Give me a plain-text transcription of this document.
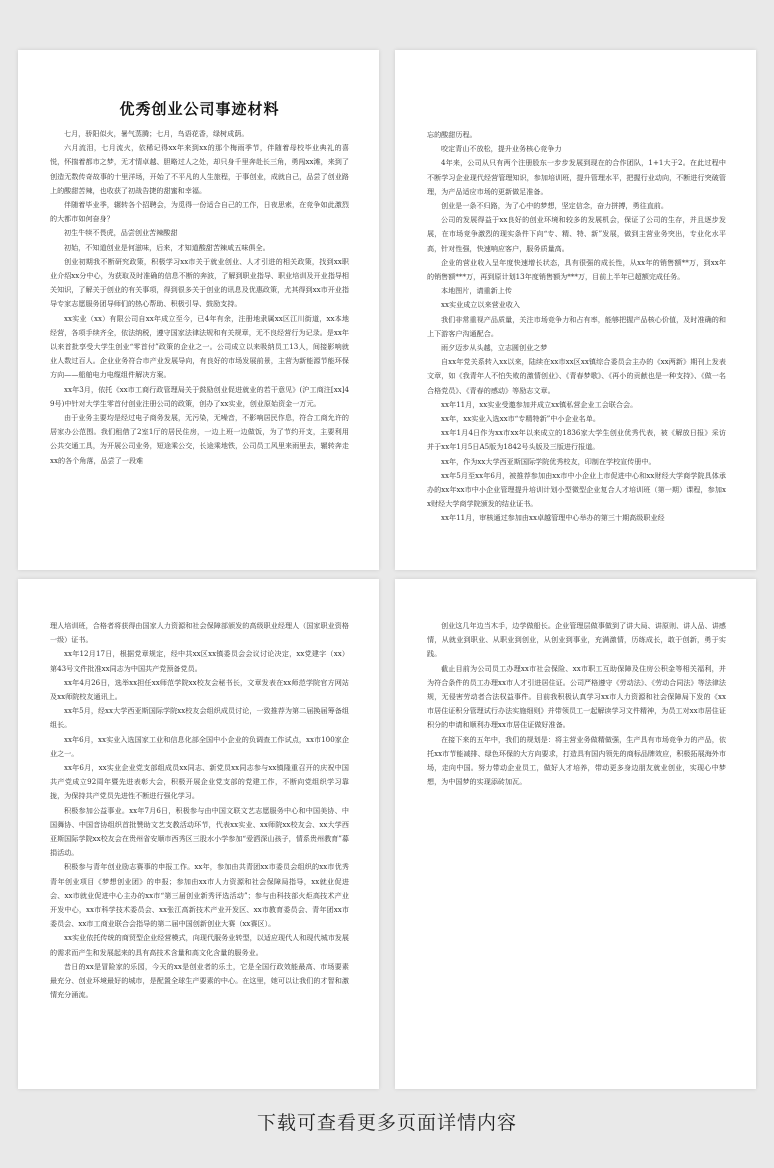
优秀创业公司事迹材料

七月，骄阳似火，暑气蒸腾；七月，鸟语花香，绿树成荫。

六月流泪，七月流火，依稀记得xx年来到xx的那个梅雨季节，伴随着母校毕业典礼的喜悦，怀揣着都市之梦，无才情卓越、胆略过人之处，却只身千里奔赴长三角，勇闯xx滩，来到了创造无数传奇故事的十里洋场，开始了不平凡的人生旅程，于事创业，成就自己，品尝了创业路上的酸甜苦辣，也收获了初战告捷的甜蜜和幸福。

伴随着毕业季，辗转各个招聘会，为觅得一份适合自己的工作，日夜思索，在竞争如此激烈的大都市如何奋身？

初生牛犊不畏虎，品尝创业苦辣酸甜

初始，不知道创业是何滋味，后来，才知道酸甜苦辣咸五味俱全。

创业初期我不断研究政策，积极学习xx市关于就业创业、人才引进的相关政策，找到xx职业介绍xx分中心，为获取及时准确的信息不断的奔波，了解到职业指导、职业培训及开业指导相关知识，了解关于创业的有关事项，得到很多关于创业的讯息及优惠政策，尤其得到xx市开业指导专家志愿服务团导师们的热心帮助、积极引导、鼓励支持。

xx实业（xx）有限公司自xx年成立至今，已4年有余，注册地隶属xx区江川街道，xx本地经营，各项手续齐全，依法纳税，遵守国家法律法规和有关规章，无不良经营行为记录。是xx年以来首批享受大学生创业“零首付”政策的企业之一。公司成立以来吸纳员工13人，间接影响就业人数过百人。企业业务符合市产业发展导向，有良好的市场发展前景，主营为新能源节能环保方向——船舶电力电缆组件解决方案。

xx年3月，依托《xx市工商行政管理局关于鼓励创业促进就业的若干意见》(沪工商注[xx]49号)中针对大学生零首付创业注册公司的政策，创办了xx实业，创业原始资金一万元。

由于业务主要均是经过电子商务发展，无污染，无噪音，不影响居民作息，符合工商允许的居家办公范围。我们租借了2室1厅的居民住房，一边上班一边做饭，为了节约开支，主要利用公共交通工具，为开展公司业务，短途乘公交，长途乘地铁，公司员工风里来雨里去，辗转奔走xx的各个角落，品尝了一段难

忘的酸甜历程。

咬定青山不放松，提升业务核心竞争力

4年来，公司从只有两个注册股东一步步发展到现在的合作团队，1+1大于2。在此过程中不断学习企业现代经营管理知识，参加培训班，提升管理水平，把握行业动向，不断进行突破管理，为产品适应市场的更新做足准备。

创业是一条不归路，为了心中的梦想，坚定信念，奋力拼搏，勇往直前。

公司的发展得益于xx良好的创业环境和较多的发展机会，保证了公司的生存，并且逐步发展，在市场竞争激烈的现实条件下向“专、精、特、新”发展，做到主营业务突出，专业化水平高，针对性强，快速响应客户，服务质量高。

企业的营业收入呈年度快速增长状态，具有很强的成长性，从xx年的销售额**万，到xx年的销售额***万，再到原计划13年度销售额为***万，目前上半年已超额完成任务。

本地图片，请重新上传

xx实业成立以来营业收入

我们非常重视产品质量，关注市场竞争力和占有率，能够把握产品核心价值，及时准确的和上下游客户沟通配合。

雨夕迈步从头越，立志圆创业之梦

自xx年党关系转入xx以来，陆续在xx市xx区xx镇综合委员会主办的《xx两新》期刊上发表文章，如《我青年人不怕失败的激情创业》、《青春梦歌》、《再小的贡献也是一种支持》、《做一名合格党员》、《青春的感动》等励志文章。

xx年11月，xx实业受邀参加并成立xx镇私营企业工会联合会。

xx年，xx实业入选xx市“专精特新”中小企业名单。

xx年1月4日作为xx市xx年以来成立的1836家大学生创业优秀代表，被《解放日报》采访并于xx年1月5日A5版为1842号头版及三版进行报道。

xx年，作为xx大学西亚斯国际学院优秀校友，印制在学校宣传册中。

xx年5月至xx年6月，被推荐参加由xx市中小企业上市促进中心和xx财经大学商学院具体承办的xx年xx市中小企业管理提升培训计划小型微型企业复合人才培训班（第一期）课程，参加xx财经大学商学院颁发的结业证书。

xx年11月，审核通过参加由xx卓越管理中心举办的第三十期高级职业经

理人培训班，合格者将获得由国家人力资源和社会保障部颁发的高级职业经理人（国家职业资格一级）证书。

xx年12月17日，根据党章规定，经中共xx区xx镇委员会会议讨论决定，xx党建字（xx）第43号文件批准xx同志为中国共产党预备党员。

xx年4月26日，选举xx担任xx师范学院xx校友会秘书长，文章发表在xx师范学院官方网站及xx师院校友通讯上。

xx年5月，经xx大学西亚斯国际学院xx校友会组织成员讨论，一致推荐为第二届换届筹备组组长。

xx年6月，xx实业入选国家工业和信息化部全国中小企业的负调查工作试点，xx市100家企业之一。

xx年6月，xx实业企业党支部组成员xx同志、新党员xx同志参与xx镇隆重召开的庆祝中国共产党成立92周年暨先进表彰大会，积极开展企业党支部的党建工作，不断向党组织学习靠拢，为保持共产党员先进性不断进行强化学习。

积极参加公益事业。xx年7月6日，积极参与由中国文联文艺志愿服务中心和中国美协、中国舞协、中国音协组织首批赞助文艺支教活动环节，代表xx实业、xx师院xx校友会、xx大学西亚斯国际学院xx校友会在贵州省安顺市西秀区三股水小学参加“爱洒深山孩子，情系贵州教育”募捐活动。

积极参与青年创业励志赛事的申报工作。xx年，参加由共青团xx市委员会组织的xx市优秀青年创业项目《梦想创业团》的申报；参加由xx市人力资源和社会保障局指导，xx就业促进会、xx市就业促进中心主办的xx市“第三届创业新秀评选活动”；参与由科技部火炬高技术产业开发中心，xx市科学技术委员会、xx张江高新技术产业开发区、xx市教育委员会、青年团xx市委员会、xx市工商业联合会指导的第二届中国创新创业大赛（xx赛区）。

xx实业依托传统的商贸型企业经营模式，向现代服务业转型，以适应现代人和现代城市发展的需求而产生和发展起来的具有高技术含量和高文化含量的服务业。

昔日的xx是冒险家的乐园，今天的xx是创业者的乐土，它是全国行政效能最高、市场要素最充分、创业环境最好的城市，是配置全球生产要素的中心。在这里，她可以让我们的才智和激情充分涌流。

创业这几年边当木手，边学做船长。企业管理层做事做到了讲大局、讲原则、讲人品、讲感情，从就业到职业、从职业到创业，从创业到事业，充满激情，历练成长，敢于创新，勇于实践。

截止目前为公司员工办理xx市社会保险、xx市职工互助保障及住房公积金等相关福利，并为符合条件的员工办理xx市人才引进居住证。公司严格遵守《劳动法》、《劳动合同法》等法律法规，无侵害劳动者合法权益事件。目前我积极认真学习xx市人力资源和社会保障局下发的《xx市居住证积分管理试行办法实施细则》并带领员工一起解读学习文件精神，为员工对xx市居住证积分的申请和顺利办理xx市居住证做好准备。

在接下来的五年中，我们的规划是：将主营业务做精做强，生产具有市场竞争力的产品，依托xx市节能减排、绿色环保的大方向要求，打造具有国内领先的商标品牌效应，积极拓展海外市场，走向中国。努力带动企业员工，做好人才培养，带动更多身边朋友就业创业，实现心中梦想，为中国梦的实现添砖加瓦。

下载可查看更多页面详情内容
